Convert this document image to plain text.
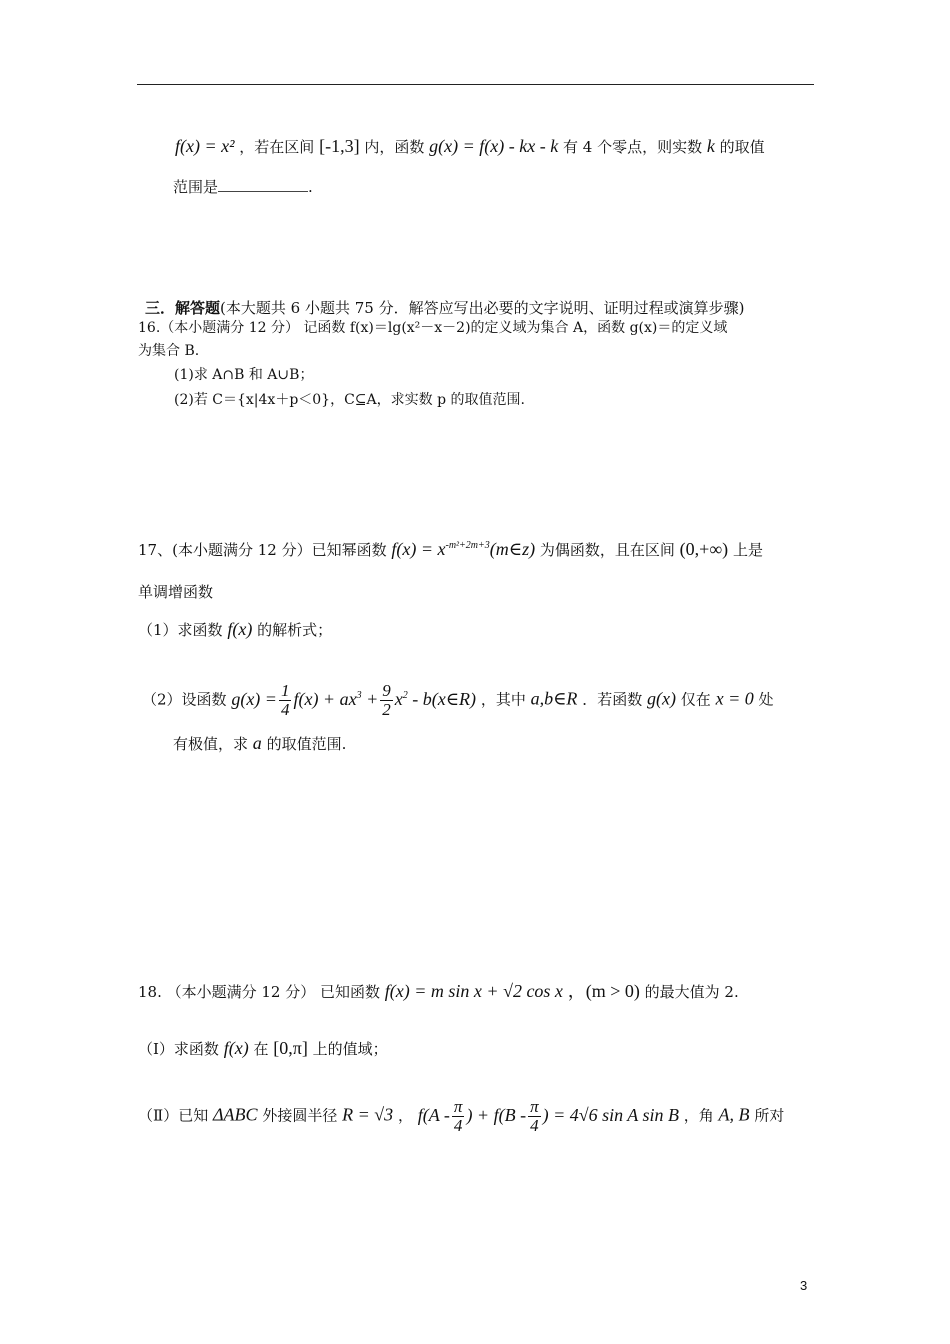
f(x) = x² ，若在区间 [-1,3] 内，函数 g(x) = f(x) - kx - k 有 4 个零点，则实数 k 的取值
范围是	.
三．解答题(本大题共 6 小题共 75 分．解答应写出必要的文字说明、证明过程或演算步骤)
16.（本小题满分 12 分） 记函数 f(x)＝lg(x²－x－2)的定义域为集合 A，函数 g(x)＝的定义域
为集合 B.
(1)求 A∩B 和 A∪B；
(2)若 C＝{x|4x＋p＜0}，C⊆A，求实数 p 的取值范围.
17、(本小题满分 12 分）已知幂函数 $f(x) = x^{-m^2+2m+3}(m\in z)$ 为偶函数，且在区间 (0,+∞) 上是
单调增函数
（1）求函数 f(x) 的解析式；
（2）设函数 $g(x) = \frac{1}{4} f(x) + ax^3 + \frac{9}{2} x^2$ - b(x∈R) ，其中 a,b∈R ．若函数 g(x) 仅在 x = 0 处
有极值，求 a 的取值范围.
18. （本小题满分 12 分） 已知函数 f(x) = m sin x + √2 cos x ，(m > 0) 的最大值为 2.
（Ⅰ）求函数 f(x) 在 [0,π] 上的值域；
（Ⅱ）已知 ΔABC 外接圆半径 R = √3 ， $f(A - \frac{\pi}{4}$ ) + $f(B - \frac{\pi}{4}$ ) = 4√6 sin A sin B ，角 A, B 所对
3
